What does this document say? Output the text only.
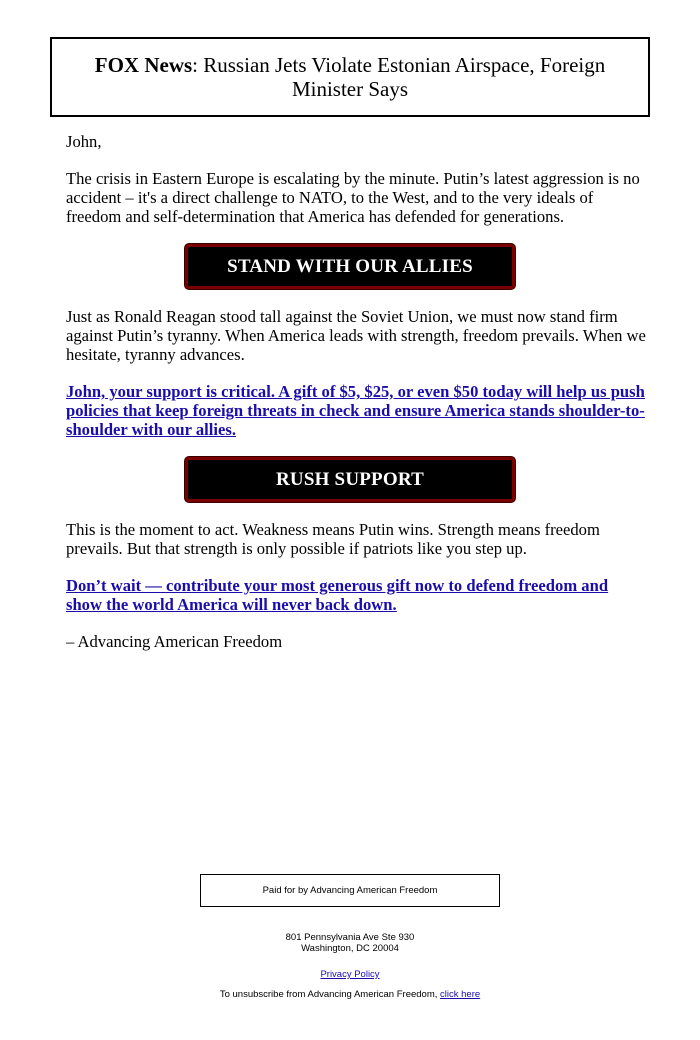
FOX News: Russian Jets Violate Estonian Airspace, Foreign Minister Says
John,
The crisis in Eastern Europe is escalating by the minute. Putin’s latest aggression is no accident – it's a direct challenge to NATO, to the West, and to the very ideals of freedom and self-determination that America has defended for generations.
STAND WITH OUR ALLIES
Just as Ronald Reagan stood tall against the Soviet Union, we must now stand firm against Putin’s tyranny. When America leads with strength, freedom prevails. When we hesitate, tyranny advances.
John, your support is critical. A gift of $5, $25, or even $50 today will help us push policies that keep foreign threats in check and ensure America stands shoulder-to-shoulder with our allies.
RUSH SUPPORT
This is the moment to act. Weakness means Putin wins. Strength means freedom prevails. But that strength is only possible if patriots like you step up.
Don’t wait — contribute your most generous gift now to defend freedom and show the world America will never back down.
– Advancing American Freedom
Paid for by Advancing American Freedom
801 Pennsylvania Ave Ste 930
Washington, DC 20004
Privacy Policy
To unsubscribe from Advancing American Freedom, click here
